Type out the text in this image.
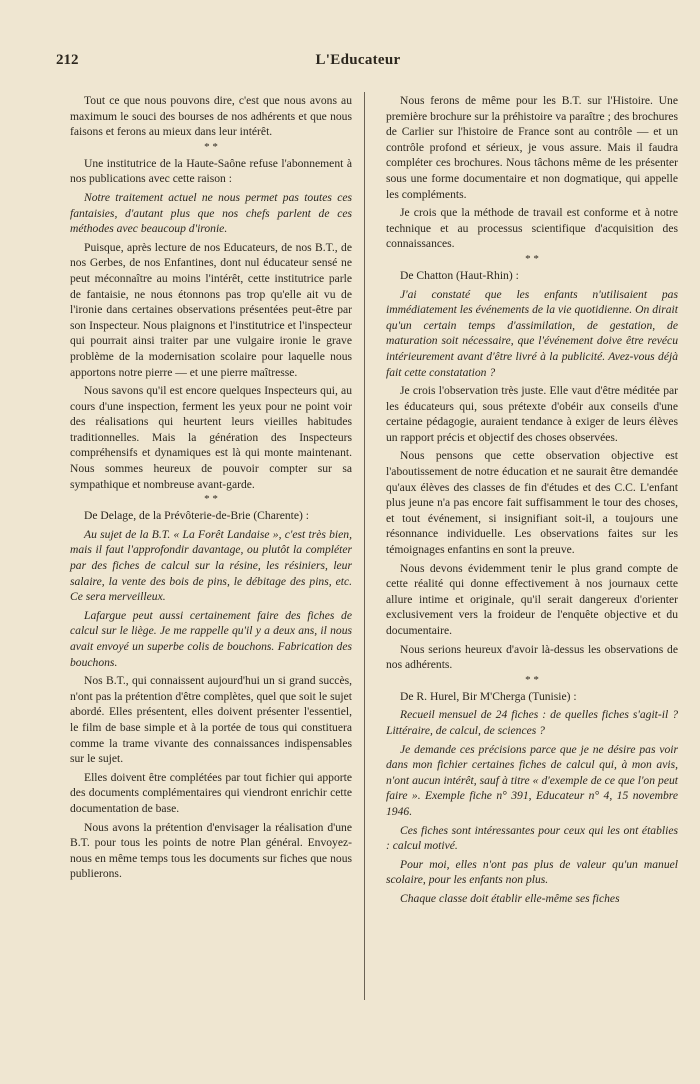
212	L'Educateur

Tout ce que nous pouvons dire, c'est que nous avons au maximum le souci des bourses de nos adhérents et que nous faisons et ferons au mieux dans leur intérêt.

* *

Une institutrice de la Haute-Saône refuse l'abonnement à nos publications avec cette raison :

Notre traitement actuel ne nous permet pas toutes ces fantaisies, d'autant plus que nos chefs parlent de ces méthodes avec beaucoup d'ironie.

Puisque, après lecture de nos Educateurs, de nos B.T., de nos Gerbes, de nos Enfantines, dont nul éducateur sensé ne peut méconnaître au moins l'intérêt, cette institutrice parle de fantaisie, ne nous étonnons pas trop qu'elle ait vu de l'ironie dans certaines observations présentées peut-être par son Inspecteur. Nous plaignons et l'institutrice et l'inspecteur qui pourrait ainsi traiter par une vulgaire ironie le grave problème de la modernisation scolaire pour laquelle nous apportons notre pierre — et une pierre maîtresse.

Nous savons qu'il est encore quelques Inspecteurs qui, au cours d'une inspection, ferment les yeux pour ne point voir des réalisations qui heurtent leurs vieilles habitudes traditionnelles. Mais la génération des Inspecteurs compréhensifs et dynamiques est là qui monte maintenant. Nous sommes heureux de pouvoir compter sur sa sympathique et nombreuse avant-garde.

* *

De Delage, de la Prévôterie-de-Brie (Charente) :

Au sujet de la B.T. « La Forêt Landaise », c'est très bien, mais il faut l'approfondir davantage, ou plutôt la compléter par des fiches de calcul sur la résine, les résiniers, leur salaire, la vente des bois de pins, le débitage des pins, etc. Ce sera merveilleux.

Lafargue peut aussi certainement faire des fiches de calcul sur le liège. Je me rappelle qu'il y a deux ans, il nous avait envoyé un superbe colis de bouchons. Fabrication des bouchons.

Nos B.T., qui connaissent aujourd'hui un si grand succès, n'ont pas la prétention d'être complètes, quel que soit le sujet abordé. Elles présentent, elles doivent présenter l'essentiel, le film de base simple et à la portée de tous qui constituera comme la trame vivante des connaissances indispensables sur le sujet.

Elles doivent être complétées par tout fichier qui apporte des documents complémentaires qui viendront enrichir cette documentation de base.

Nous avons la prétention d'envisager la réalisation d'une B.T. pour tous les points de notre Plan général. Envoyez-nous en même temps tous les documents sur fiches que nous publierons.

Nous ferons de même pour les B.T. sur l'Histoire. Une première brochure sur la préhistoire va paraître ; des brochures de Carlier sur l'histoire de France sont au contrôle — et un contrôle profond et sérieux, je vous assure. Mais il faudra compléter ces brochures. Nous tâchons même de les présenter sous une forme documentaire et non dogmatique, qui appelle les compléments.

Je crois que la méthode de travail est conforme et à notre technique et au processus scientifique d'acquisition des connaissances.

* *

De Chatton (Haut-Rhin) :

J'ai constaté que les enfants n'utilisaient pas immédiatement les événements de la vie quotidienne. On dirait qu'un certain temps d'assimilation, de gestation, de maturation soit nécessaire, que l'événement doive être revécu intérieurement avant d'être livré à la publicité. Avez-vous déjà fait cette constatation ?

Je crois l'observation très juste. Elle vaut d'être méditée par les éducateurs qui, sous prétexte d'obéir aux conseils d'une certaine pédagogie, auraient tendance à exiger de leurs élèves un rapport précis et objectif des choses observées.

Nous pensons que cette observation objective est l'aboutissement de notre éducation et ne saurait être demandée qu'aux élèves des classes de fin d'études et des C.C. L'enfant plus jeune n'a pas encore fait suffisamment le tour des choses, et tout événement, si insignifiant soit-il, a toujours une résonnance individuelle. Les observations faites sur les témoignages enfantins en sont la preuve.

Nous devons évidemment tenir le plus grand compte de cette réalité qui donne effectivement à nos journaux cette allure intime et originale, qu'il serait dangereux d'orienter exclusivement vers la froideur de l'enquête objective et du documentaire.

Nous serions heureux d'avoir là-dessus les observations de nos adhérents.

* *

De R. Hurel, Bir M'Cherga (Tunisie) :

Recueil mensuel de 24 fiches : de quelles fiches s'agit-il ? Littéraire, de calcul, de sciences ?

Je demande ces précisions parce que je ne désire pas voir dans mon fichier certaines fiches de calcul qui, à mon avis, n'ont aucun intérêt, sauf à titre « d'exemple de ce que l'on peut faire ». Exemple fiche n° 391, Educateur n° 4, 15 novembre 1946.

Ces fiches sont intéressantes pour ceux qui les ont établies : calcul motivé.

Pour moi, elles n'ont pas plus de valeur qu'un manuel scolaire, pour les enfants non plus.

Chaque classe doit établir elle-même ses fiches
